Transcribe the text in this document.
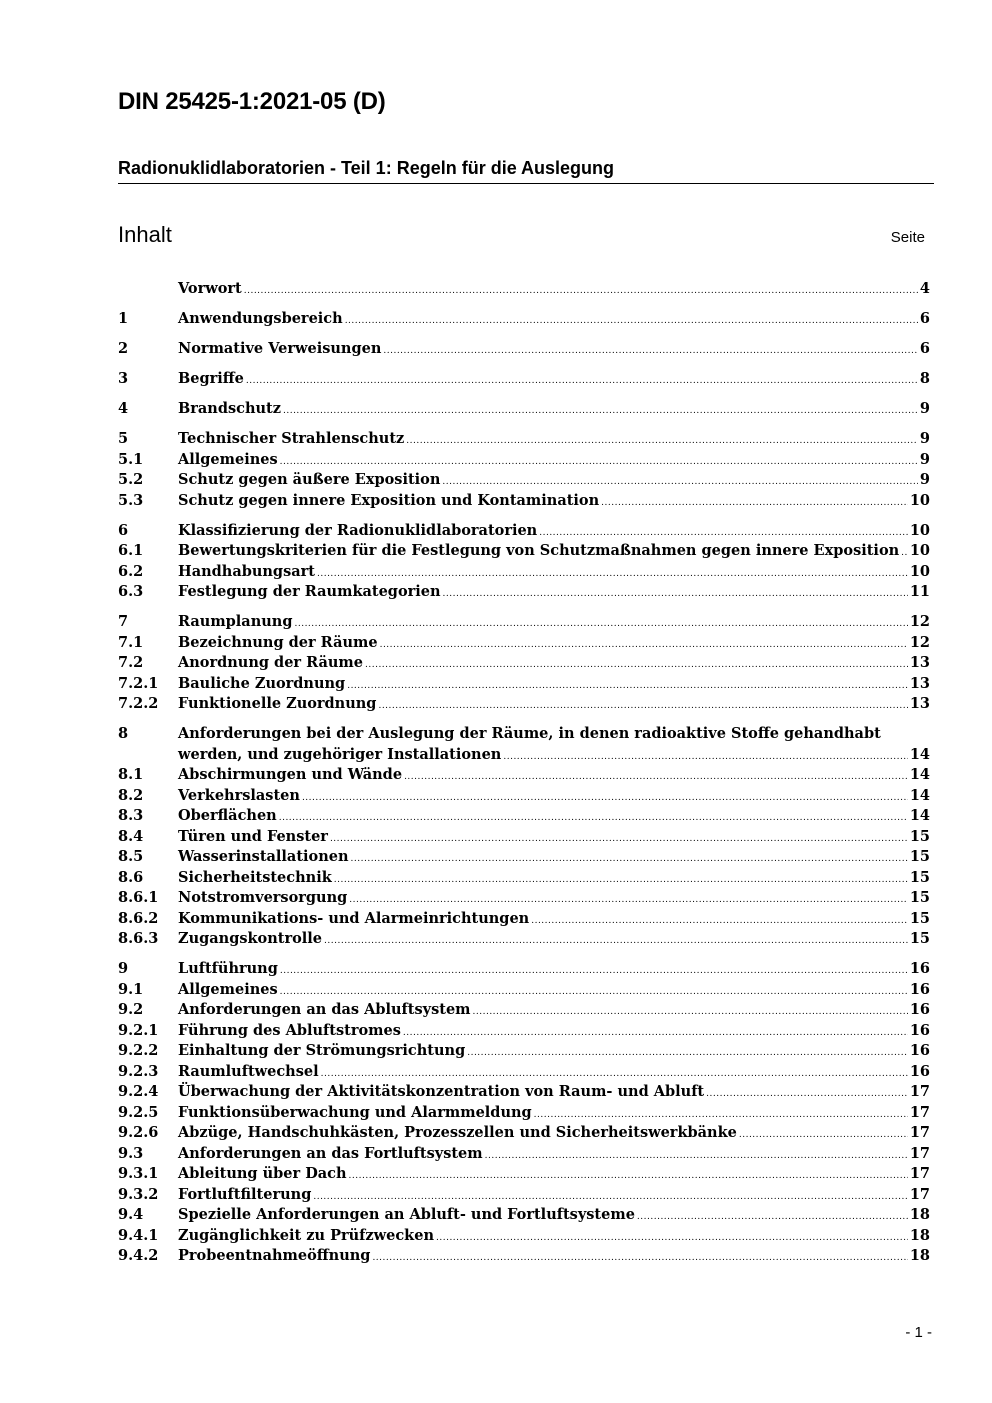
DIN 25425-1:2021-05 (D)
Radionuklidlaboratorien - Teil 1: Regeln für die Auslegung
Inhalt	Seite
Vorwort .....	4
1	Anwendungsbereich .....	6
2	Normative Verweisungen .....	6
3	Begriffe .....	8
4	Brandschutz .....	9
5	Technischer Strahlenschutz .....	9
5.1	Allgemeines .....	9
5.2	Schutz gegen äußere Exposition .....	9
5.3	Schutz gegen innere Exposition und Kontamination .....	10
6	Klassifizierung der Radionuklidlaboratorien .....	10
6.1	Bewertungskriterien für die Festlegung von Schutzmaßnahmen gegen innere Exposition ..... 10
6.2	Handhabungsart .....	10
6.3	Festlegung der Raumkategorien .....	11
7	Raumplanung .....	12
7.1	Bezeichnung der Räume .....	12
7.2	Anordnung der Räume .....	13
7.2.1	Bauliche Zuordnung .....	13
7.2.2	Funktionelle Zuordnung .....	13
8	Anforderungen bei der Auslegung der Räume, in denen radioaktive Stoffe gehandhabt
werden, und zugehöriger Installationen .....	14
8.1	Abschirmungen und Wände .....	14
8.2	Verkehrslasten .....	14
8.3	Oberflächen .....	14
8.4	Türen und Fenster .....	15
8.5	Wasserinstallationen .....	15
8.6	Sicherheitstechnik .....	15
8.6.1	Notstromversorgung .....	15
8.6.2	Kommunikations- und Alarmeinrichtungen .....	15
8.6.3	Zugangskontrolle .....	15
9	Luftführung .....	16
9.1	Allgemeines .....	16
9.2	Anforderungen an das Abluftsystem .....	16
9.2.1	Führung des Abluftstromes .....	16
9.2.2	Einhaltung der Strömungsrichtung .....	16
9.2.3	Raumluftwechsel .....	16
9.2.4	Überwachung der Aktivitätskonzentration von Raum- und Abluft .....	17
9.2.5	Funktionsüberwachung und Alarmmeldung .....	17
9.2.6	Abzüge, Handschuhkästen, Prozesszellen und Sicherheitswerkbänke .....	17
9.3	Anforderungen an das Fortluftsystem .....	17
9.3.1	Ableitung über Dach .....	17
9.3.2	Fortluftfilterung .....	17
9.4	Spezielle Anforderungen an Abluft- und Fortluftsysteme .....	18
9.4.1	Zugänglichkeit zu Prüfzwecken .....	18
9.4.2	Probeentnahmeöffnung .....	18
- 1 -
